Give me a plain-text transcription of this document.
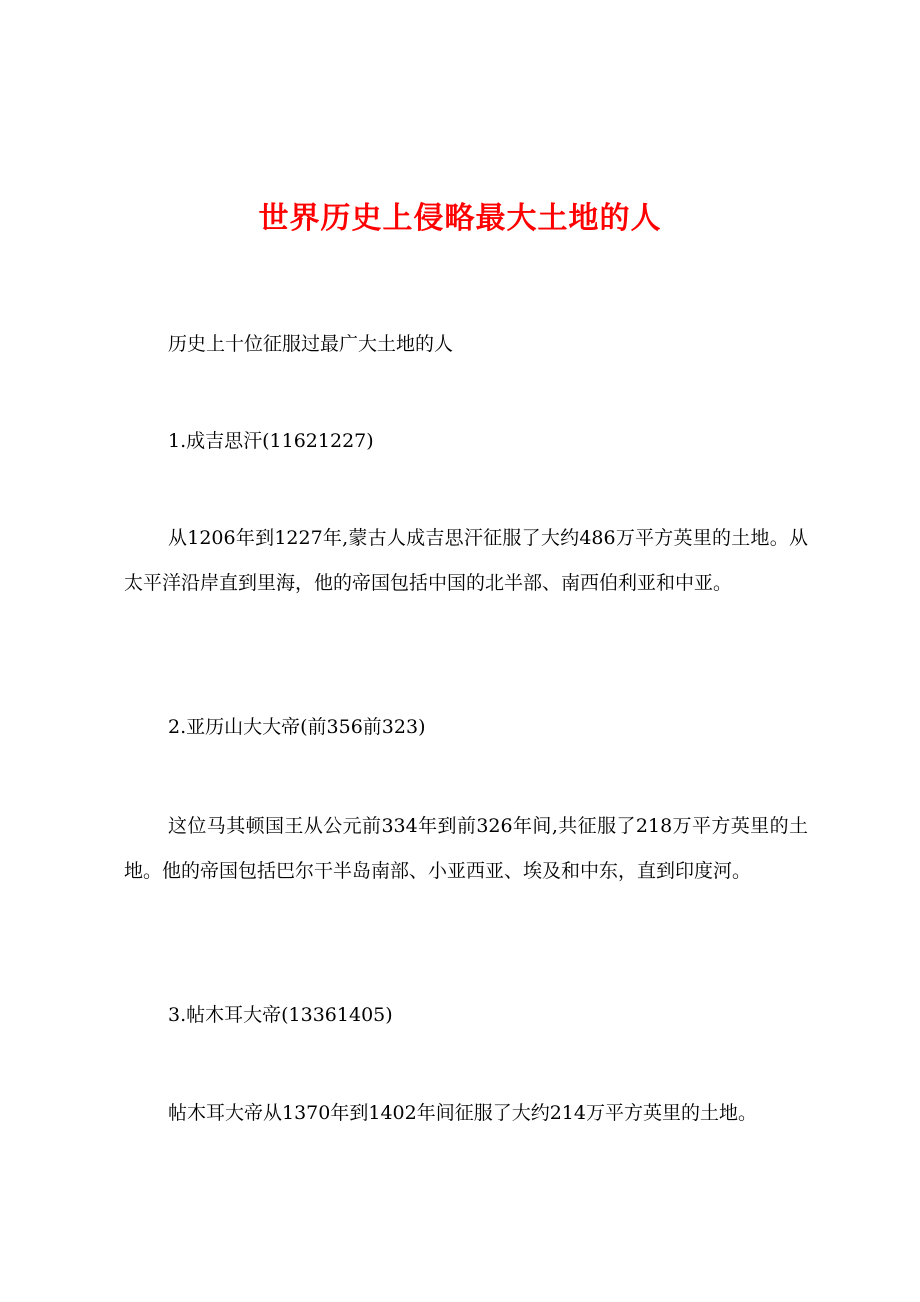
世界历史上侵略最大土地的人

历史上十位征服过最广大土地的人

1.成吉思汗(11621227)

从1206年到1227年,蒙古人成吉思汗征服了大约486万平方英里的土地。从太平洋沿岸直到里海，他的帝国包括中国的北半部、南西伯利亚和中亚。

2.亚历山大大帝(前356前323)

这位马其顿国王从公元前334年到前326年间,共征服了218万平方英里的土地。他的帝国包括巴尔干半岛南部、小亚西亚、埃及和中东，直到印度河。

3.帖木耳大帝(13361405)

帖木耳大帝从1370年到1402年间征服了大约214万平方英里的土地。
